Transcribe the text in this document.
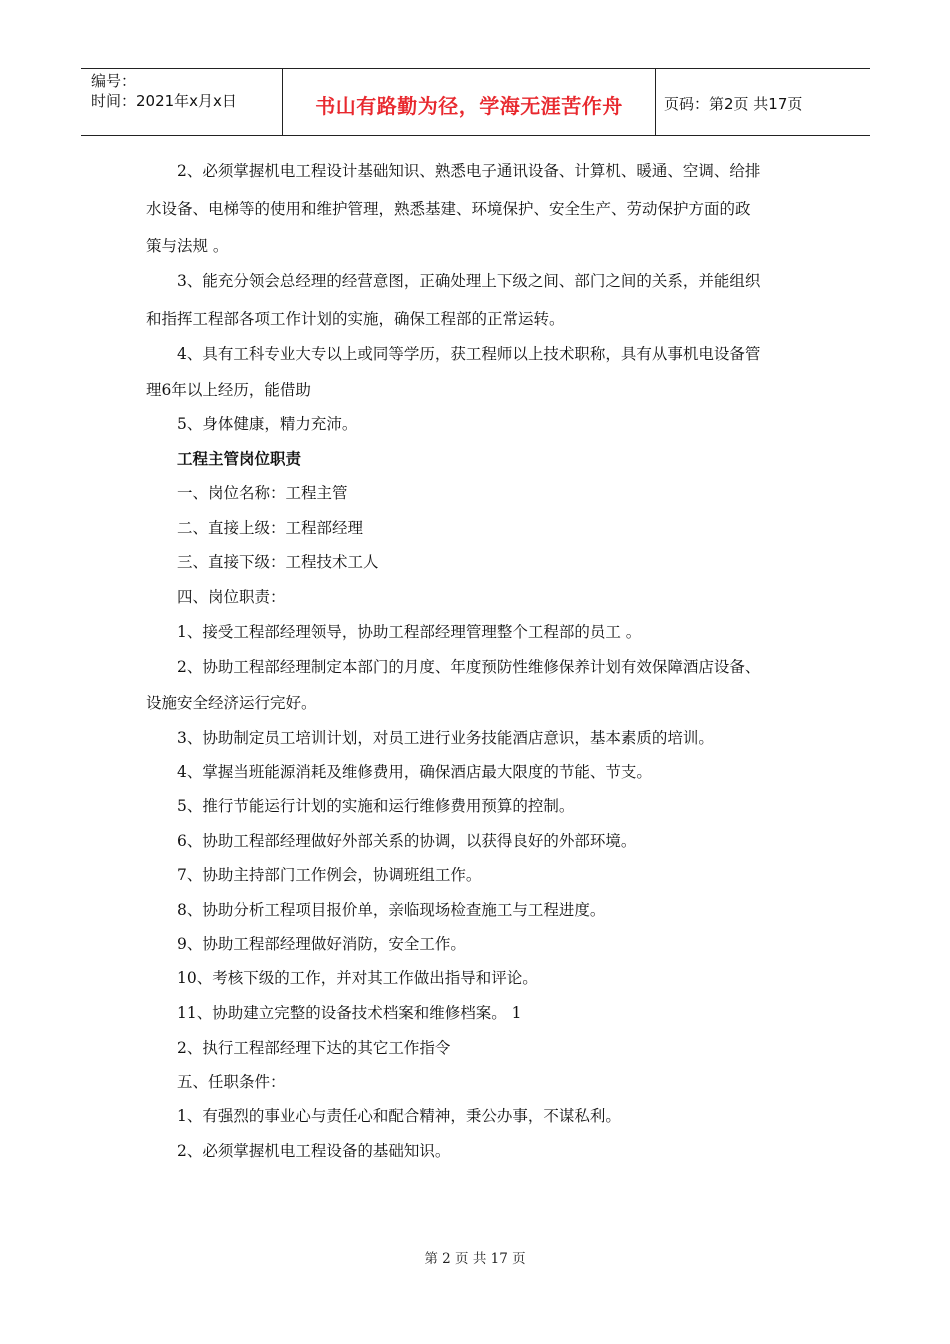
编号：
时间：2021年x月x日	书山有路勤为径，学海无涯苦作舟	页码：第2页 共17页
2、必须掌握机电工程设计基础知识、熟悉电子通讯设备、计算机、暖通、空调、给排
水设备、电梯等的使用和维护管理，熟悉基建、环境保护、安全生产、劳动保护方面的政
策与法规 。
3、能充分领会总经理的经营意图，正确处理上下级之间、部门之间的关系，并能组织
和指挥工程部各项工作计划的实施，确保工程部的正常运转。
4、具有工科专业大专以上或同等学历，获工程师以上技术职称，具有从事机电设备管
理6年以上经历，能借助
5、身体健康，精力充沛。
工程主管岗位职责
一、岗位名称：工程主管
二、直接上级：工程部经理
三、直接下级：工程技术工人
四、岗位职责：
1、接受工程部经理领导，协助工程部经理管理整个工程部的员工 。
2、协助工程部经理制定本部门的月度、年度预防性维修保养计划有效保障酒店设备、
设施安全经济运行完好。
3、协助制定员工培训计划，对员工进行业务技能酒店意识，基本素质的培训。
4、掌握当班能源消耗及维修费用，确保酒店最大限度的节能、节支。
5、推行节能运行计划的实施和运行维修费用预算的控制。
6、协助工程部经理做好外部关系的协调，以获得良好的外部环境。
7、协助主持部门工作例会，协调班组工作。
8、协助分析工程项目报价单，亲临现场检查施工与工程进度。
9、协助工程部经理做好消防，安全工作。
10、考核下级的工作，并对其工作做出指导和评论。
11、协助建立完整的设备技术档案和维修档案。 1
2、执行工程部经理下达的其它工作指令
五、任职条件：
1、有强烈的事业心与责任心和配合精神，秉公办事，不谋私利。
2、必须掌握机电工程设备的基础知识。
第 2 页 共 17 页
